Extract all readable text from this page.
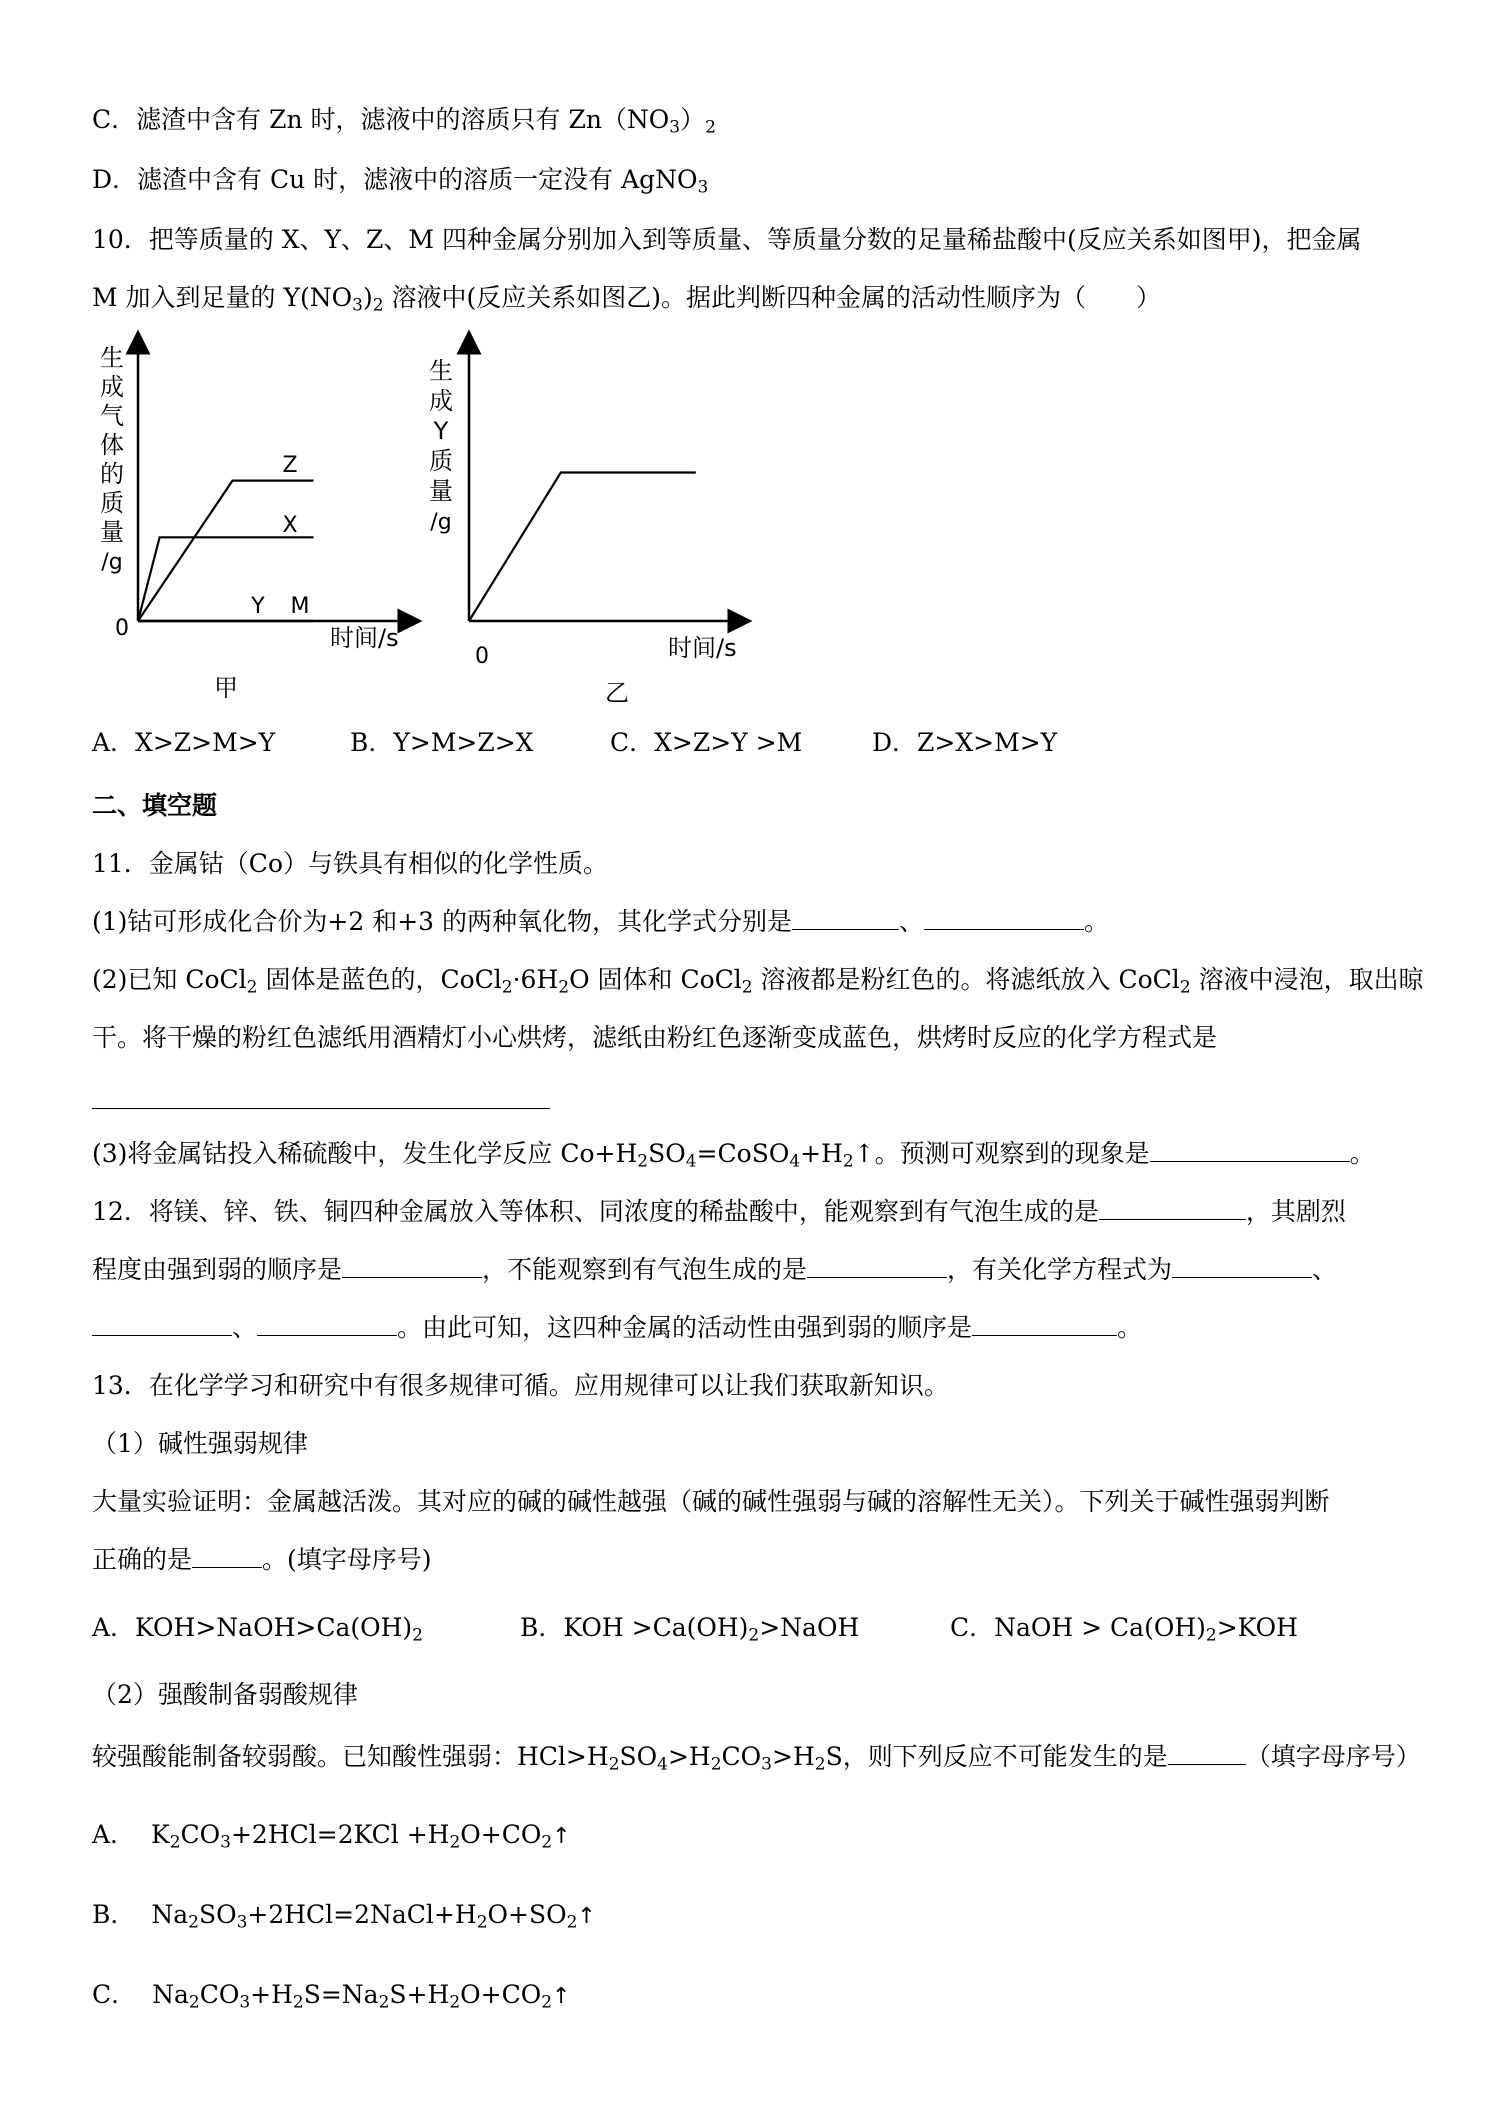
C．滤渣中含有 Zn 时，滤液中的溶质只有 $Zn(NO_3)_2$
D．滤渣中含有 Cu 时，滤液中的溶质一定没有 AgNO$_3$
10．把等质量的 X、Y、Z、M 四种金属分别加入到等质量、等质量分数的足量稀盐酸中(反应关系如图甲)，把金属
M 加入到足量的 $Y(NO_3)_2$ 溶液中(反应关系如图乙)。据此判断四种金属的活动性顺序为（　　）
生
成
气
体
的
质
量
/g
0	时间/s
甲
Z
X
Y M
生
成
Y
质
量
/g
0	时间/s
乙
A．X>Z>M>Y	B．Y>M>Z>X	C．X>Z>Y >M	D．Z>X>M>Y
二、填空题
11．金属钴（Co）与铁具有相似的化学性质。
(1)钴可形成化合价为+2 和+3 的两种氧化物，其化学式分别是	、	。
(2)已知 CoCl$_2$ 固体是蓝色的，$CoCl_2\cdot 6H_2O$ 固体和 CoCl$_2$ 溶液都是粉红色的。将滤纸放入 CoCl$_2$ 溶液中浸泡，取出晾
干。将干燥的粉红色滤纸用酒精灯小心烘烤，滤纸由粉红色逐渐变成蓝色，烘烤时反应的化学方程式是
(3)将金属钴投入稀硫酸中，发生化学反应 $Co+H_2SO_4=CoSO_4+H_2↑$。预测可观察到的现象是	。
12．将镁、锌、铁、铜四种金属放入等体积、同浓度的稀盐酸中，能观察到有气泡生成的是	，其剧烈
程度由强到弱的顺序是	，不能观察到有气泡生成的是	，有关化学方程式为	、
、	。由此可知，这四种金属的活动性由强到弱的顺序是	。
13．在化学学习和研究中有很多规律可循。应用规律可以让我们获取新知识。
（1）碱性强弱规律
大量实验证明：金属越活泼。其对应的碱的碱性越强（碱的碱性强弱与碱的溶解性无关）。下列关于碱性强弱判断
正确的是	。(填字母序号)
A．$KOH>NaOH>Ca(OH)_2$	B．KOH $>Ca(OH)_2>NaOH$	C．NaOH > $Ca(OH)_2>KOH$
（2）强酸制备弱酸规律
较强酸能制备较弱酸。已知酸性强弱：$HCl>H_2SO_4>H_2CO_3>H_2S$，则下列反应不可能发生的是	（填字母序号）
A． $K_2CO_3+2HCl=2KCl$ $+H_2O+CO_2↑$
B． $Na_2SO_3+2HCl=2NaCl+H_2O+SO_2↑$
C． $Na_2CO_3+H_2S=Na_2S+H_2O+CO_2↑$
